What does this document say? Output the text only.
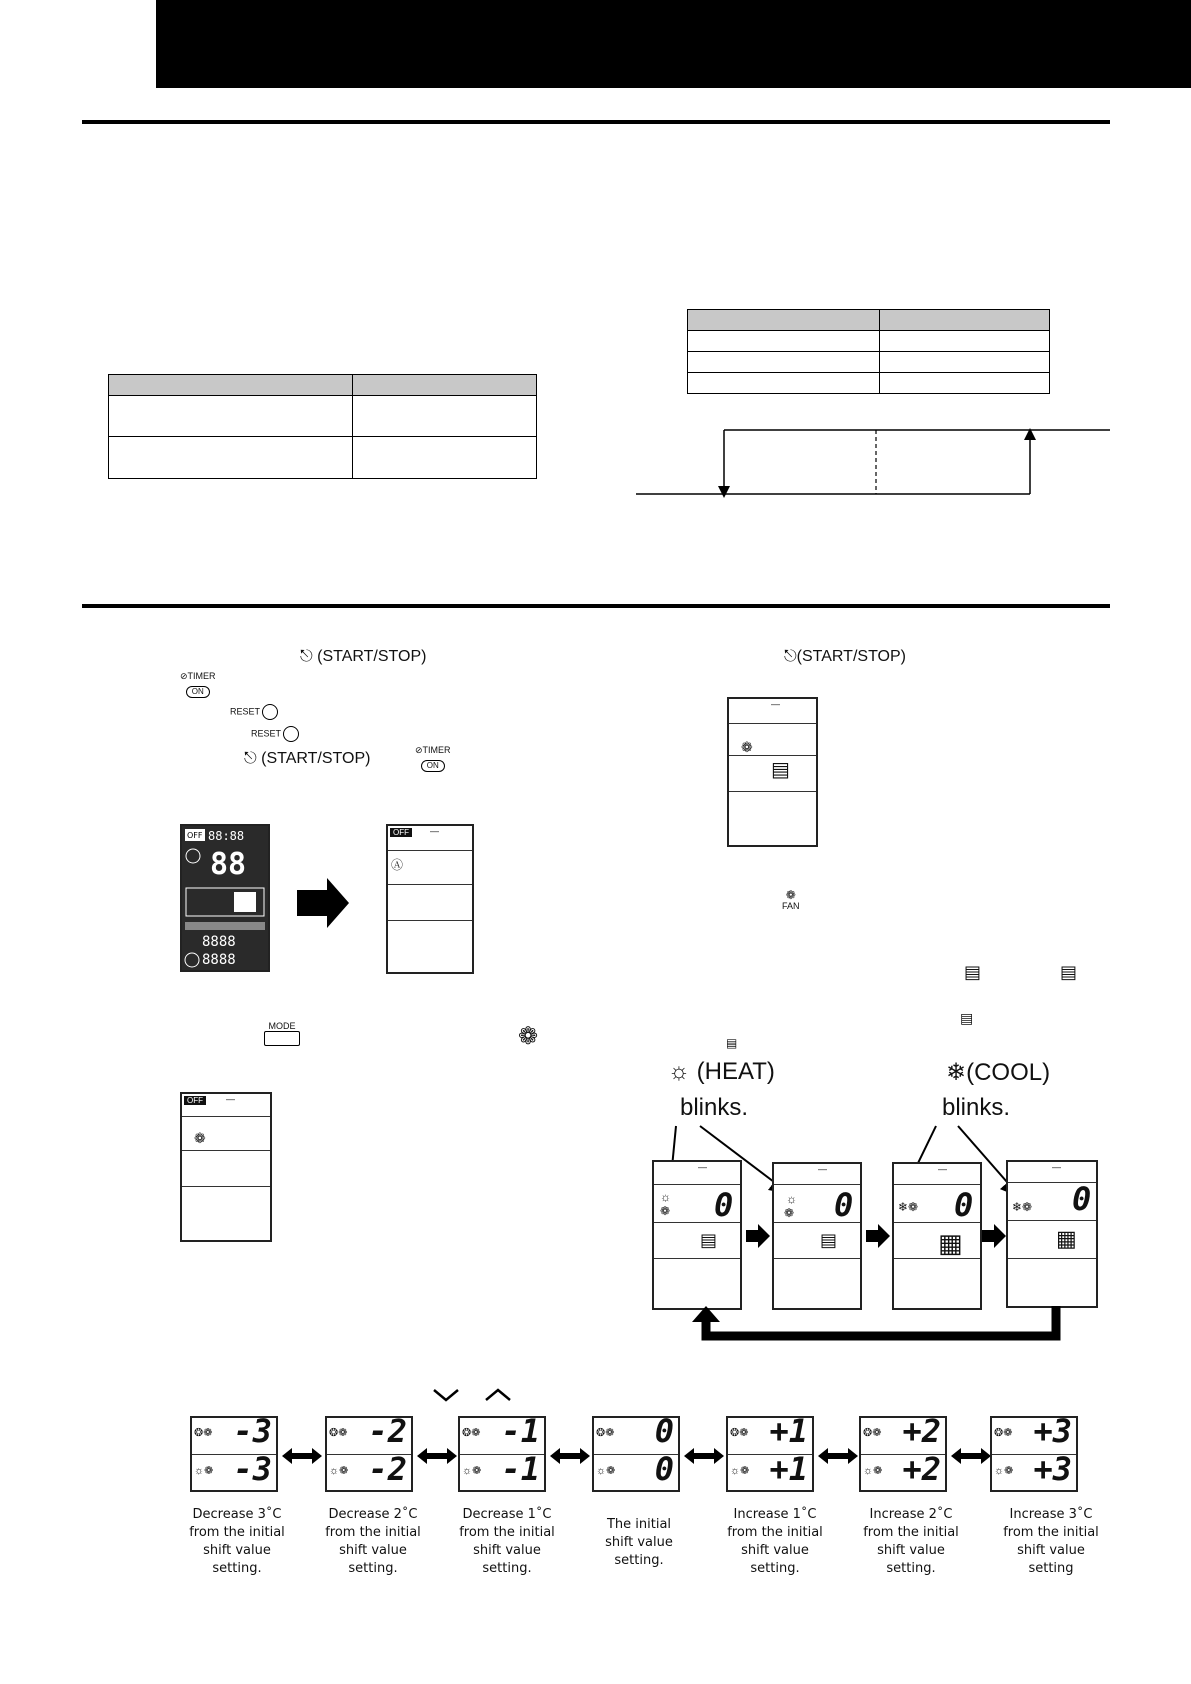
⎋ (START/STOP)
⊘TIMER
ON
RESET
RESET
⎋ (START/STOP)	⊘TIMER
ON
OFF 88:88
88
8888
8888
OFF	—
Ⓐ
MODE	❁
OFF	—
❁
⎋(START/STOP)
—
❁
▤
❁
FAN
▤	▤
▤
▤
☼ (HEAT)
blinks.
❄(COOL)
blinks.
—
☼
❁ 0
▤
—
☼
❁ 0
▤
—
❄❁ 0
▦
—
❄❁ 0
▦
❂❁ -3
☼❁ -3
Decrease 3˚C
from the initial
shift value setting.
❂❁ -2
☼❁ -2
Decrease 2˚C
from the initial
shift value setting.
❂❁ -1
☼❁ -1
Decrease 1˚C
from the initial
shift value setting.
❂❁ 0
☼❁ 0
The initial
shift value setting.
❂❁ +1
☼❁ +1
Increase 1˚C
from the initial
shift value setting.
❂❁ +2
☼❁ +2
Increase 2˚C
from the initial
shift value setting.
❂❁ +3
☼❁ +3
Increase 3˚C
from the initial
shift value setting
